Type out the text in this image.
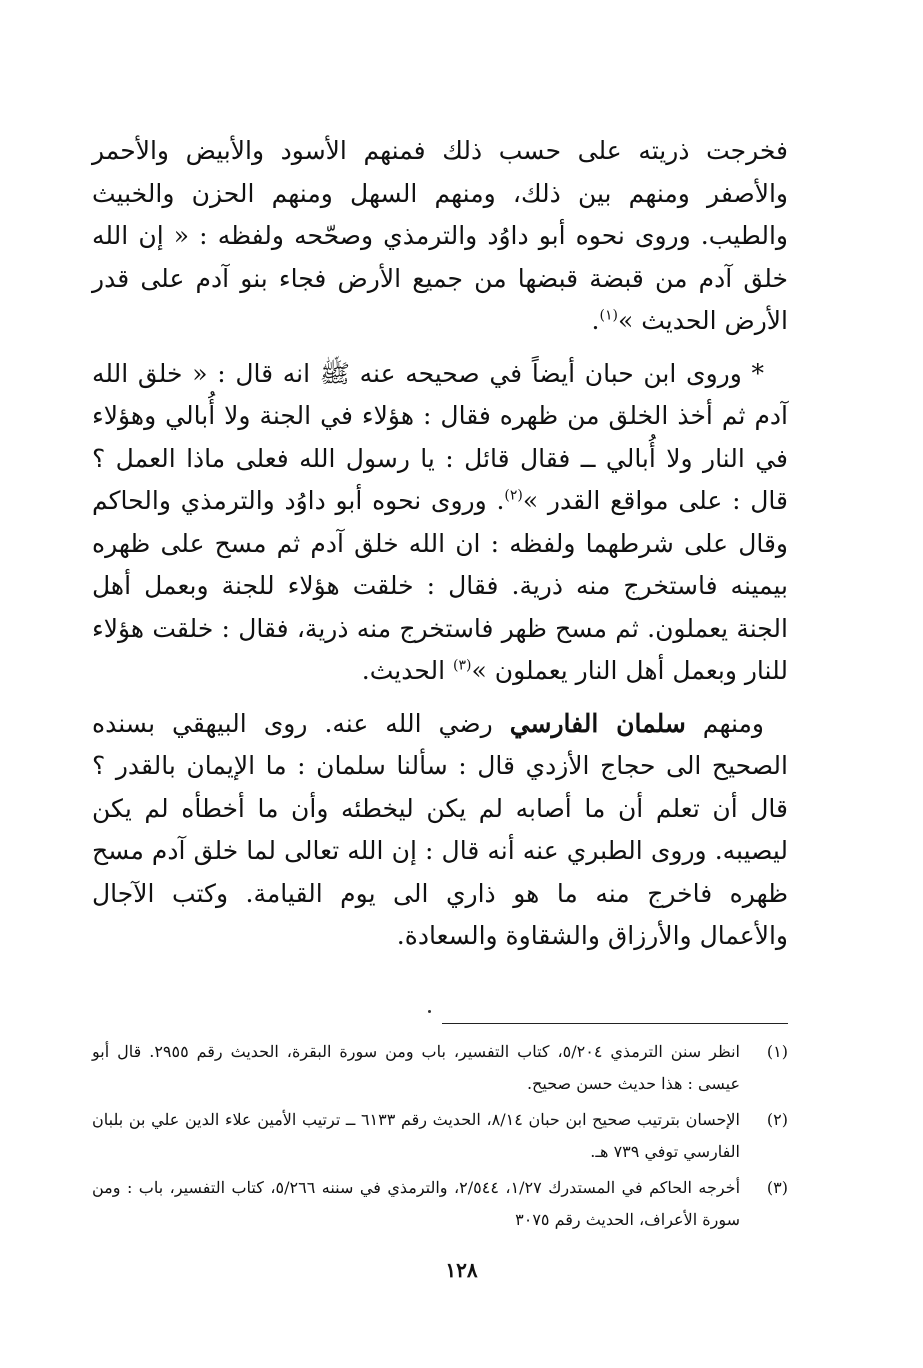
فخرجت ذريته على حسب ذلك فمنهم الأسود والأبيض والأحمر والأصفر ومنهم بين ذلك، ومنهم السهل ومنهم الحزن والخبيث والطيب. وروى نحوه أبو داوُد والترمذي وصحّحه ولفظه : « إن الله خلق آدم من قبضة قبضها من جميع الأرض فجاء بنو آدم على قدر الأرض الحديث »$^{(١)}$.

* وروى ابن حبان أيضاً في صحيحه عنه ﷺ انه قال : « خلق الله آدم ثم أخذ الخلق من ظهره فقال : هؤلاء في الجنة ولا أُبالي وهؤلاء في النار ولا أُبالي ــ فقال قائل : يا رسول الله فعلى ماذا العمل ؟ قال : على مواقع القدر »$^{(٢)}$. وروى نحوه أبو داوُد والترمذي والحاكم وقال على شرطهما ولفظه : ان الله خلق آدم ثم مسح على ظهره بيمينه فاستخرج منه ذرية. فقال : خلقت هؤلاء للجنة وبعمل أهل الجنة يعملون. ثم مسح ظهر فاستخرج منه ذرية، فقال : خلقت هؤلاء للنار وبعمل أهل النار يعملون »$^{(٣)}$ الحديث.

ومنهم سلمان الفارسي رضي الله عنه. روى البيهقي بسنده الصحيح الى حجاج الأزدي قال : سألنا سلمان : ما الإيمان بالقدر ؟ قال أن تعلم أن ما أصابه لم يكن ليخطئه وأن ما أخطأه لم يكن ليصيبه. وروى الطبري عنه أنه قال : إن الله تعالى لما خلق آدم مسح ظهره فاخرج منه ما هو ذاري الى يوم القيامة. وكتب الآجال والأعمال والأرزاق والشقاوة والسعادة.

(١)
انظر سنن الترمذي ٥/٢٠٤، كتاب التفسير، باب ومن سورة البقرة، الحديث رقم ٢٩٥٥. قال أبو عيسى : هذا حديث حسن صحيح.
(٢)
الإحسان بترتيب صحيح ابن حبان ٨/١٤، الحديث رقم ٦١٣٣ ــ ترتيب الأمين علاء الدين علي بن بلبان الفارسي توفي ٧٣٩ هـ.
(٣)
أخرجه الحاكم في المستدرك ١/٢٧، ٢/٥٤٤، والترمذي في سننه ٥/٢٦٦، كتاب التفسير، باب : ومن سورة الأعراف، الحديث رقم ٣٠٧٥
١٢٨
